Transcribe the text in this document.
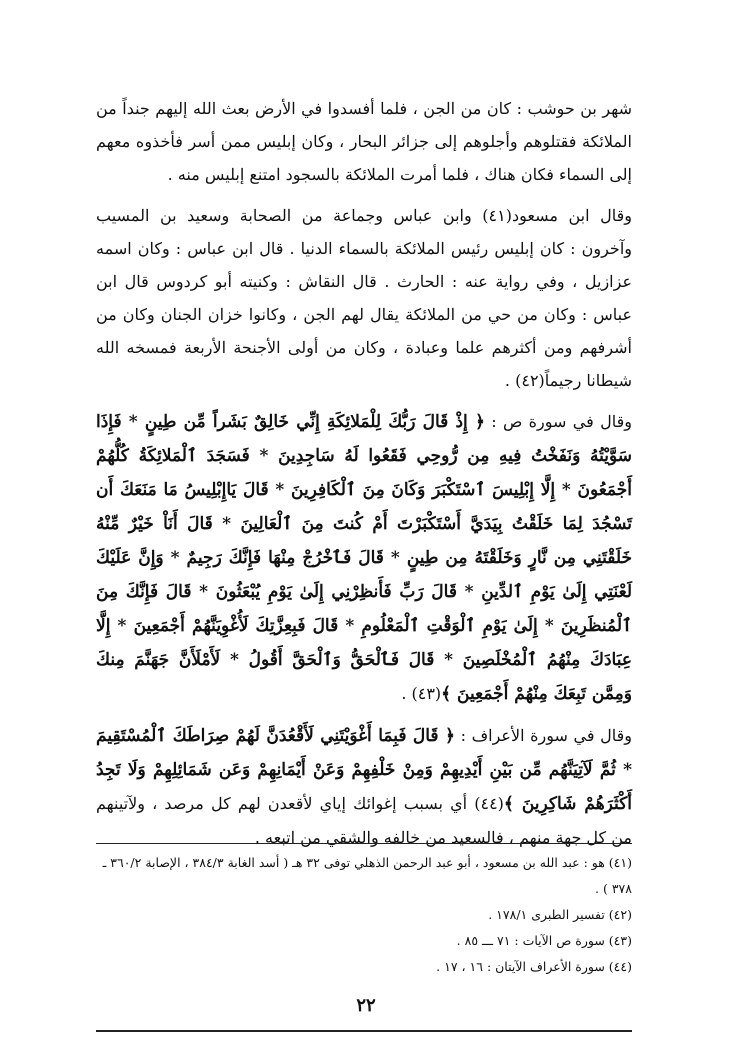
شهر بن حوشب : كان من الجن ، فلما أفسدوا في الأرض بعث الله إليهم جنداً من الملائكة فقتلوهم وأجلوهم إلى جزائر البحار ، وكان إبليس ممن أسر فأخذوه معهم إلى السماء فكان هناك ، فلما أمرت الملائكة بالسجود امتنع إبليس منه .

وقال ابن مسعود(٤١) وابن عباس وجماعة من الصحابة وسعيد بن المسيب وآخرون : كان إبليس رئيس الملائكة بالسماء الدنيا . قال ابن عباس : وكان اسمه عزازيل ، وفي رواية عنه : الحارث . قال النقاش : وكنيته أبو كردوس قال ابن عباس : وكان من حي من الملائكة يقال لهم الجن ، وكانوا خزان الجنان وكان من أشرفهم ومن أكثرهم علما وعبادة ، وكان من أولى الأجنحة الأربعة فمسخه الله شيطانا رجيماً(٤٢) .

وقال في سورة ص : ﴿ إِذْ قَالَ رَبُّكَ لِلْمَلائِكَةِ إِنِّي خَالِقٌ بَشَراً مِّن طِينٍ * فَإِذَا سَوَّيْتُهُ وَنَفَخْتُ فِيهِ مِن رُّوحِي فَقَعُوا لَهُ سَاجِدِينَ * فَسَجَدَ ٱلْمَلائِكَةُ كُلُّهُمْ أَجْمَعُونَ * إِلَّا إِبْلِيسَ ٱسْتَكْبَرَ وَكَانَ مِنَ ٱلْكَافِرِينَ * قَالَ يَاإِبْلِيسُ مَا مَنَعَكَ أَن تَسْجُدَ لِمَا خَلَقْتُ بِيَدَيَّ أَسْتَكْبَرْتَ أَمْ كُنتَ مِنَ ٱلْعَالِينَ * قَالَ أَنَاْ خَيْرٌ مِّنْهُ خَلَقْتَنِي مِن نَّارٍ وَخَلَقْتَهُ مِن طِينٍ * قَالَ فَٱخْرُجْ مِنْهَا فَإِنَّكَ رَجِيمٌ * وَإِنَّ عَلَيْكَ لَعْنَتِي إِلَىٰ يَوْمِ ٱلدِّينِ * قَالَ رَبِّ فَأَنظِرْنِي إِلَىٰ يَوْمِ يُبْعَثُونَ * قَالَ فَإِنَّكَ مِنَ ٱلْمُنظَرِينَ * إِلَىٰ يَوْمِ ٱلْوَقْتِ ٱلْمَعْلُومِ * قَالَ فَبِعِزَّتِكَ لَأُغْوِيَنَّهُمْ أَجْمَعِينَ * إِلَّا عِبَادَكَ مِنْهُمُ ٱلْمُخْلَصِينَ * قَالَ فَٱلْحَقُّ وَٱلْحَقَّ أَقُولُ * لَأَمْلَأَنَّ جَهَنَّمَ مِنكَ وَمِمَّن تَبِعَكَ مِنْهُمْ أَجْمَعِينَ ﴾(٤٣) .

وقال في سورة الأعراف : ﴿ قَالَ فَبِمَا أَغْوَيْتَنِي لَأَقْعُدَنَّ لَهُمْ صِرَاطَكَ ٱلْمُسْتَقِيمَ * ثُمَّ لَآتِيَنَّهُم مِّن بَيْنِ أَيْدِيهِمْ وَمِنْ خَلْفِهِمْ وَعَنْ أَيْمَانِهِمْ وَعَن شَمَائِلِهِمْ وَلَا تَجِدُ أَكْثَرَهُمْ شَاكِرِينَ ﴾(٤٤) أي بسبب إغوائك إياي لأقعدن لهم كل مرصد ، ولآتينهم من كل جهة منهم ، فالسعيد من خالفه والشقي من اتبعه .

(٤١) هو : عبد الله بن مسعود ، أبو عبد الرحمن الذهلي توفى ٣٢ هـ ( أسد الغابة ٣٨٤/٣ ، الإصابة ٣٦٠/٢ ـ ٣٧٨ ) .
(٤٢) تفسير الطبرى ١٧٨/١ .
(٤٣) سورة ص الآيات : ٧١ ـــ ٨٥ .
(٤٤) سورة الأعراف الآيتان : ١٦ ، ١٧ .
٢٢
